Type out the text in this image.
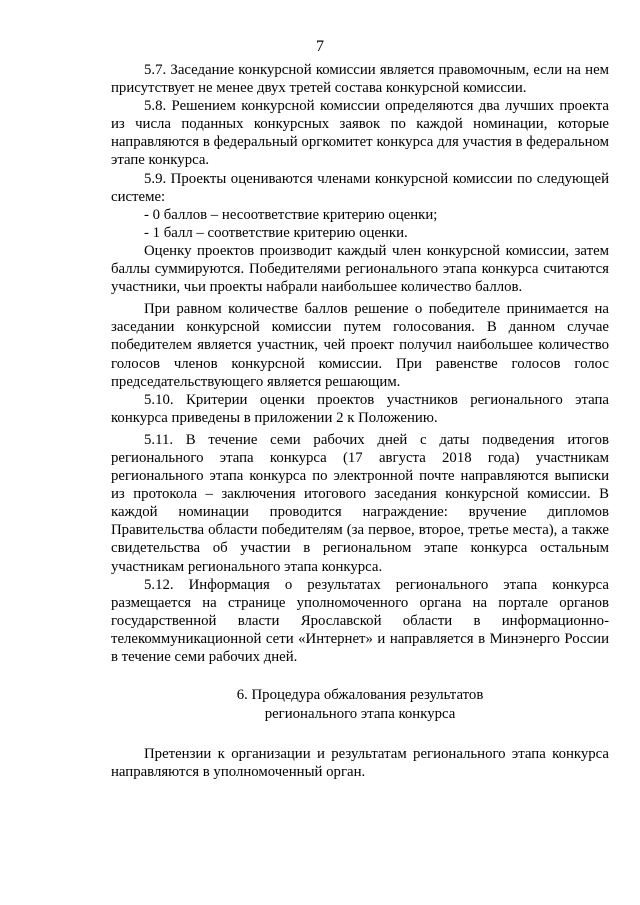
7

5.7. Заседание конкурсной комиссии является правомочным, если на нем присутствует не менее двух третей состава конкурсной комиссии.

5.8. Решением конкурсной комиссии определяются два лучших проекта из числа поданных конкурсных заявок по каждой номинации, которые направляются в федеральный оргкомитет конкурса для участия в федеральном этапе конкурса.

5.9. Проекты оцениваются членами конкурсной комиссии по следующей системе:

- 0 баллов – несоответствие критерию оценки;

- 1 балл – соответствие критерию оценки.

Оценку проектов производит каждый член конкурсной комиссии, затем баллы суммируются. Победителями регионального этапа конкурса считаются участники, чьи проекты набрали наибольшее количество баллов.

При равном количестве баллов решение о победителе принимается на заседании конкурсной комиссии путем голосования. В данном случае победителем является участник, чей проект получил наибольшее количество голосов членов конкурсной комиссии. При равенстве голосов голос председательствующего является решающим.

5.10. Критерии оценки проектов участников регионального этапа конкурса приведены в приложении 2 к Положению.

5.11. В течение семи рабочих дней с даты подведения итогов регионального этапа конкурса (17 августа 2018 года) участникам регионального этапа конкурса по электронной почте направляются выписки из протокола – заключения итогового заседания конкурсной комиссии. В каждой номинации проводится награждение: вручение дипломов Правительства области победителям (за первое, второе, третье места), а также свидетельства об участии в региональном этапе конкурса остальным участникам регионального этапа конкурса.

5.12. Информация о результатах регионального этапа конкурса размещается на странице уполномоченного органа на портале органов государственной власти Ярославской области в информационно-телекоммуникационной сети «Интернет» и направляется в Минэнерго России в течение семи рабочих дней.

6. Процедура обжалования результатов
регионального этапа конкурса

Претензии к организации и результатам регионального этапа конкурса направляются в уполномоченный орган.
